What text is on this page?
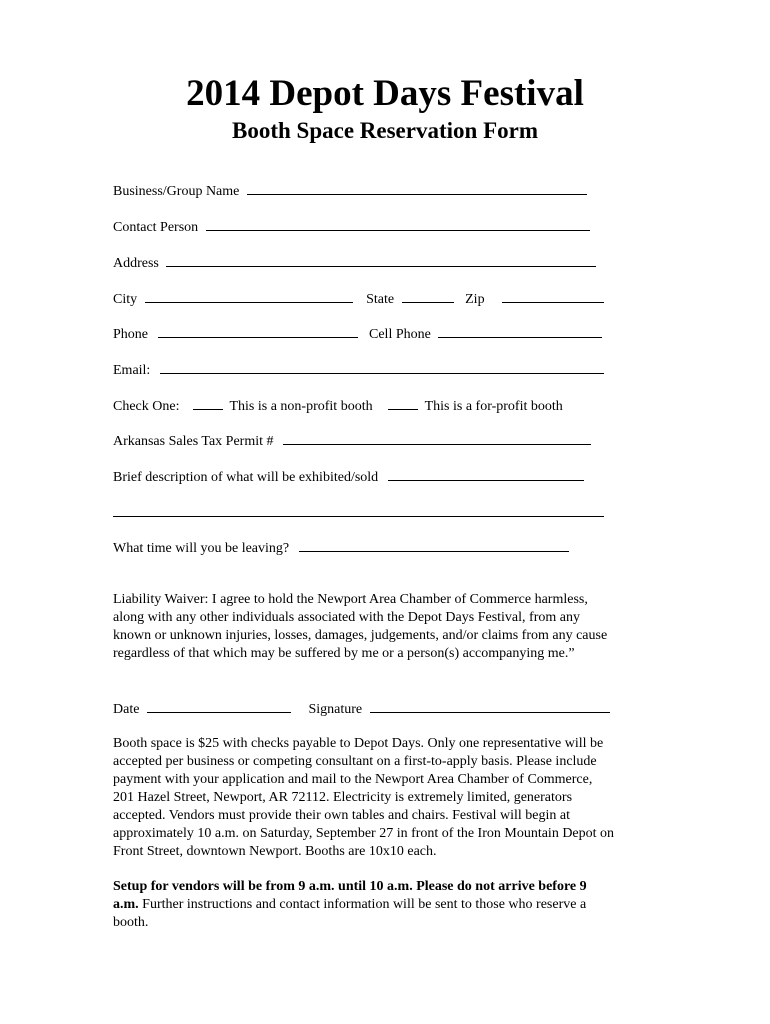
2014 Depot Days Festival
Booth Space Reservation Form
Business/Group Name
Contact Person
Address
City	State	Zip
Phone	Cell Phone
Email:
Check One:	This is a non-profit booth	This is a for-profit booth
Arkansas Sales Tax Permit #
Brief description of what will be exhibited/sold
What time will you be leaving?
Liability Waiver: I agree to hold the Newport Area Chamber of Commerce harmless,
along with any other individuals associated with the Depot Days Festival, from any
known or unknown injuries, losses, damages, judgements, and/or claims from any cause
regardless of that which may be suffered by me or a person(s) accompanying me.”
Date	Signature
Booth space is $25 with checks payable to Depot Days. Only one representative will be
accepted per business or competing consultant on a first-to-apply basis. Please include
payment with your application and mail to the Newport Area Chamber of Commerce,
201 Hazel Street, Newport, AR 72112. Electricity is extremely limited, generators
accepted. Vendors must provide their own tables and chairs. Festival will begin at
approximately 10 a.m. on Saturday, September 27 in front of the Iron Mountain Depot on
Front Street, downtown Newport. Booths are 10x10 each.
Setup for vendors will be from 9 a.m. until 10 a.m. Please do not arrive before 9
a.m. Further instructions and contact information will be sent to those who reserve a
booth.
